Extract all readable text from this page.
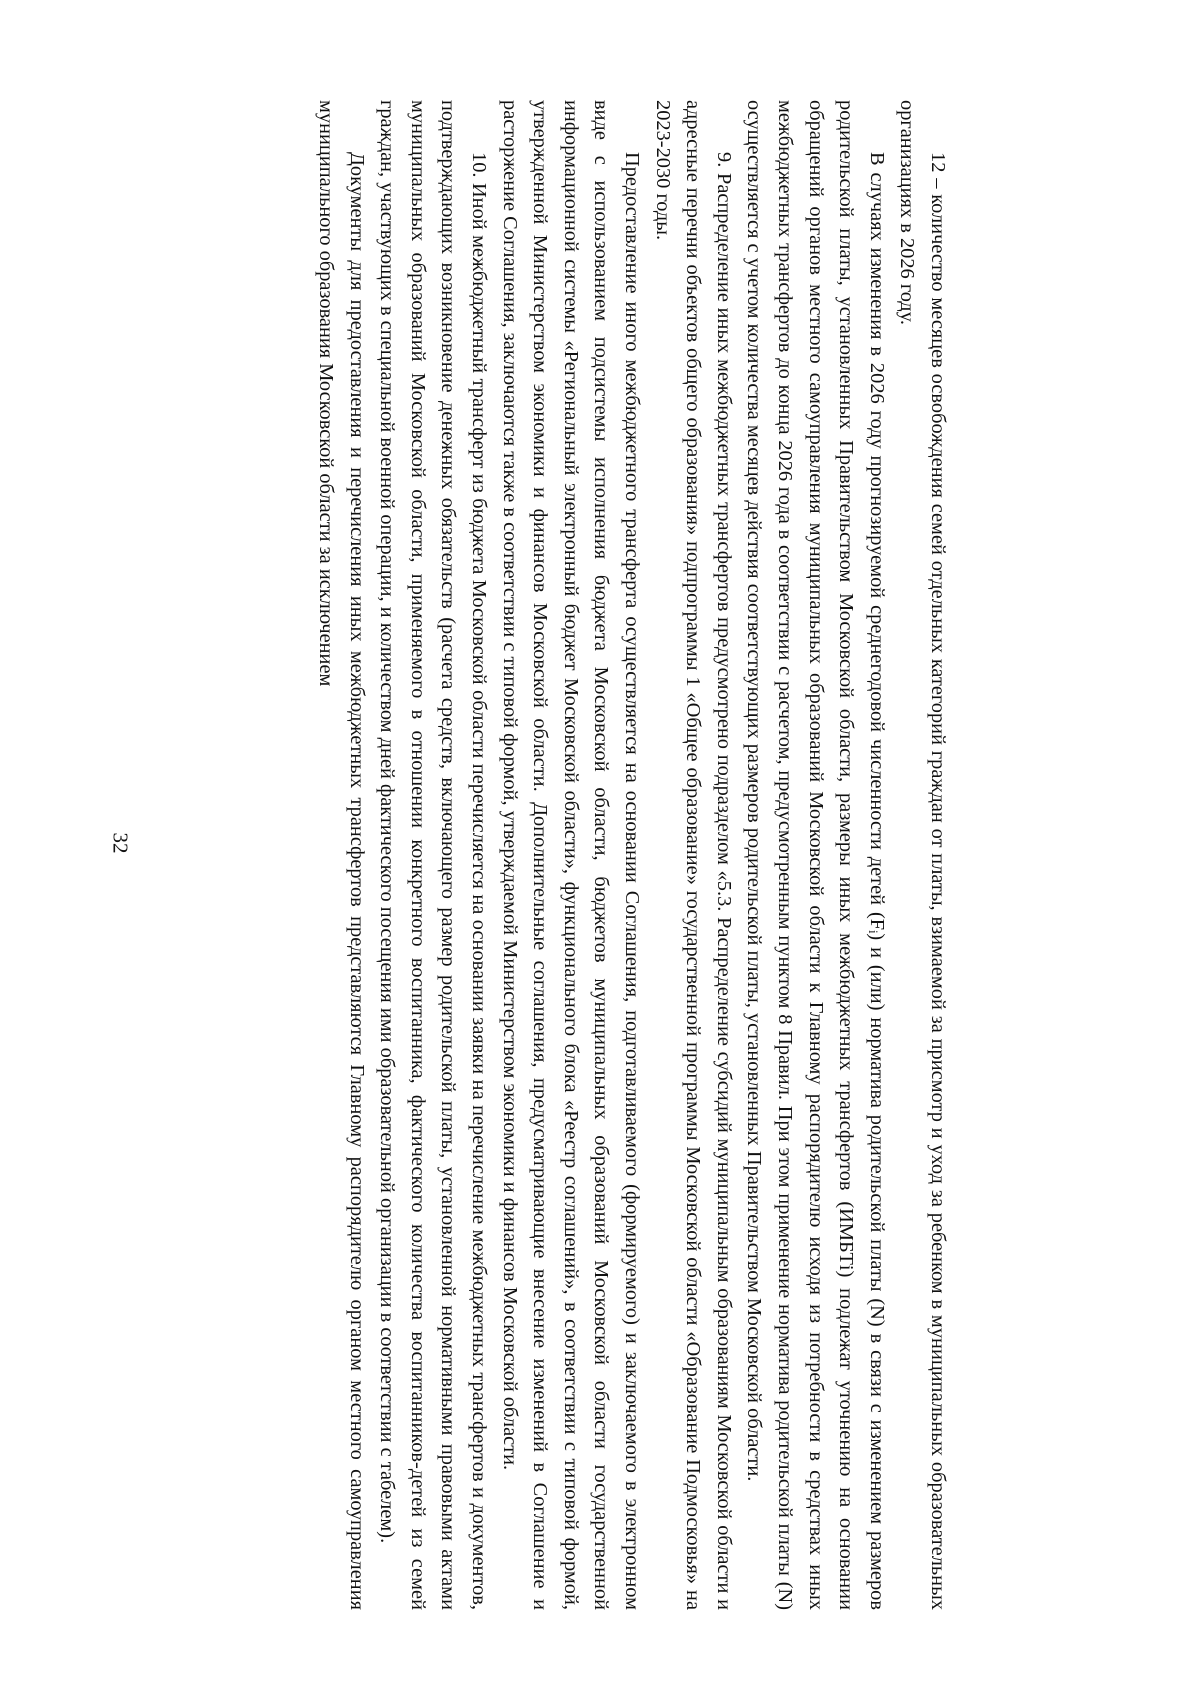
32	12 – количество месяцев освобождения семей отдельных категорий граждан от платы, взимаемой за присмотр и уход за ребенком в муниципальных образовательных организациях в 2026 году.

В случаях изменения в 2026 году прогнозируемой среднегодовой численности детей (Fᵢ) и (или) норматива родительской платы (N) в связи с изменением размеров родительской платы, установленных Правительством Московской области, размеры иных межбюджетных трансфертов (ИМБТi) подлежат уточнению на основании обращений органов местного самоуправления муниципальных образований Московской области к Главному распорядителю исходя из потребности в средствах иных межбюджетных трансфертов до конца 2026 года в соответствии с расчетом, предусмотренным пунктом 8 Правил. При этом применение норматива родительской платы (N) осуществляется с учетом количества месяцев действия соответствующих размеров родительской платы, установленных Правительством Московской области.

9. Распределение иных межбюджетных трансфертов предусмотрено подразделом «5.3. Распределение субсидий муниципальным образованиям Московской области и адресные перечни объектов общего образования» подпрограммы 1 «Общее образование» государственной программы Московской области «Образование Подмосковья» на 2023-2030 годы.

Предоставление иного межбюджетного трансферта осуществляется на основании Соглашения, подготавливаемого (формируемого) и заключаемого в электронном виде с использованием подсистемы исполнения бюджета Московской области, бюджетов муниципальных образований Московской области государственной информационной системы «Региональный электронный бюджет Московской области», функционального блока «Реестр соглашений», в соответствии с типовой формой, утвержденной Министерством экономики и финансов Московской области. Дополнительные соглашения, предусматривающие внесение изменений в Соглашение и расторжение Соглашения, заключаются также в соответствии с типовой формой, утверждаемой Министерством экономики и финансов Московской области.

10. Иной межбюджетный трансферт из бюджета Московской области перечисляется на основании заявки на перечисление межбюджетных трансфертов и документов, подтверждающих возникновение денежных обязательств (расчета средств, включающего размер родительской платы, установленной нормативными правовыми актами муниципальных образований Московской области, применяемого в отношении конкретного воспитанника, фактического количества воспитанников-детей из семей граждан, участвующих в специальной военной операции, и количеством дней фактического посещения ими образовательной организации в соответствии с табелем).

Документы для предоставления и перечисления иных межбюджетных трансфертов представляются Главному распорядителю органом местного самоуправления муниципального образования Московской области за исключением
